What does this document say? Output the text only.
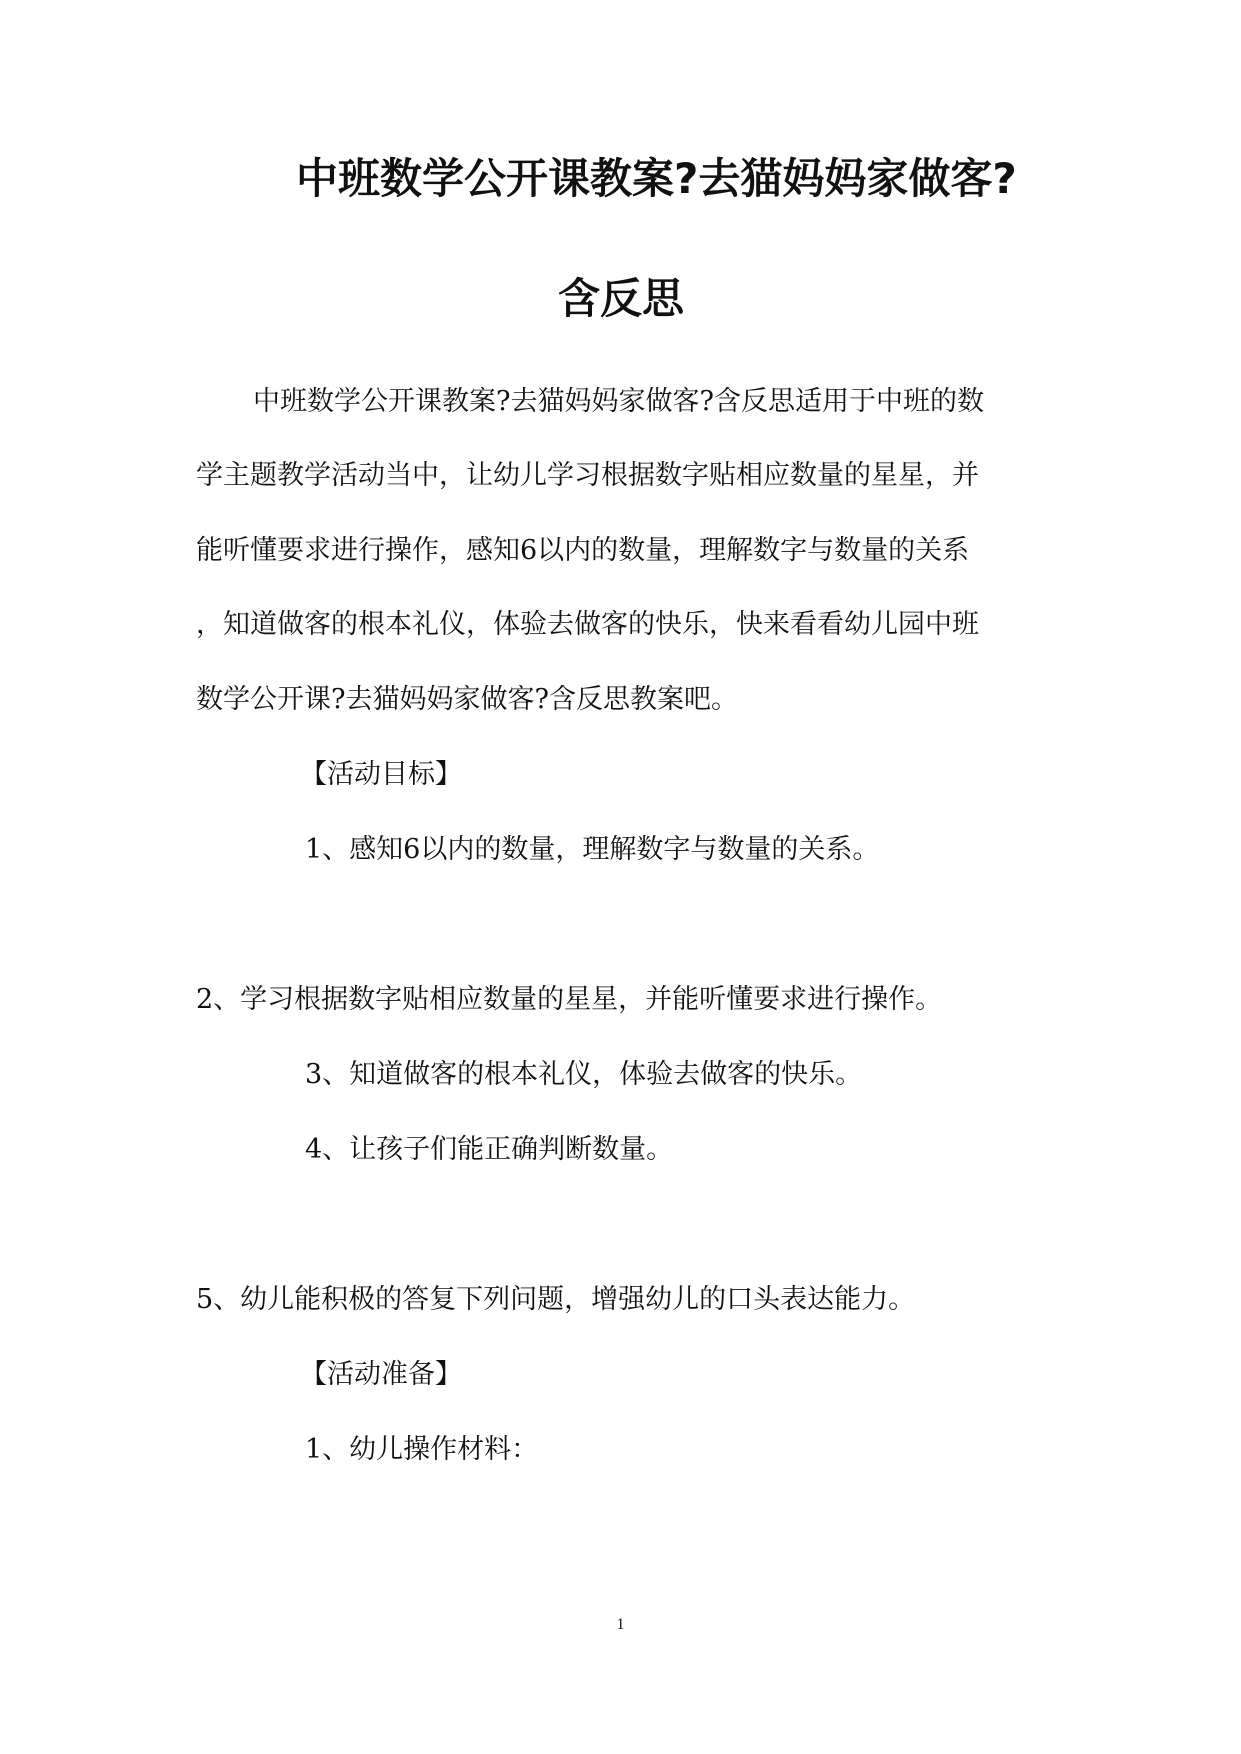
中班数学公开课教案?去猫妈妈家做客?
含反思
中班数学公开课教案?去猫妈妈家做客?含反思适用于中班的数
学主题教学活动当中，让幼儿学习根据数字贴相应数量的星星，并
能听懂要求进行操作，感知6以内的数量，理解数字与数量的关系
，知道做客的根本礼仪，体验去做客的快乐，快来看看幼儿园中班
数学公开课?去猫妈妈家做客?含反思教案吧。
【活动目标】
1、感知6以内的数量，理解数字与数量的关系。
2、学习根据数字贴相应数量的星星，并能听懂要求进行操作。
3、知道做客的根本礼仪，体验去做客的快乐。
4、让孩子们能正确判断数量。
5、幼儿能积极的答复下列问题，增强幼儿的口头表达能力。
【活动准备】
1、幼儿操作材料：
1
